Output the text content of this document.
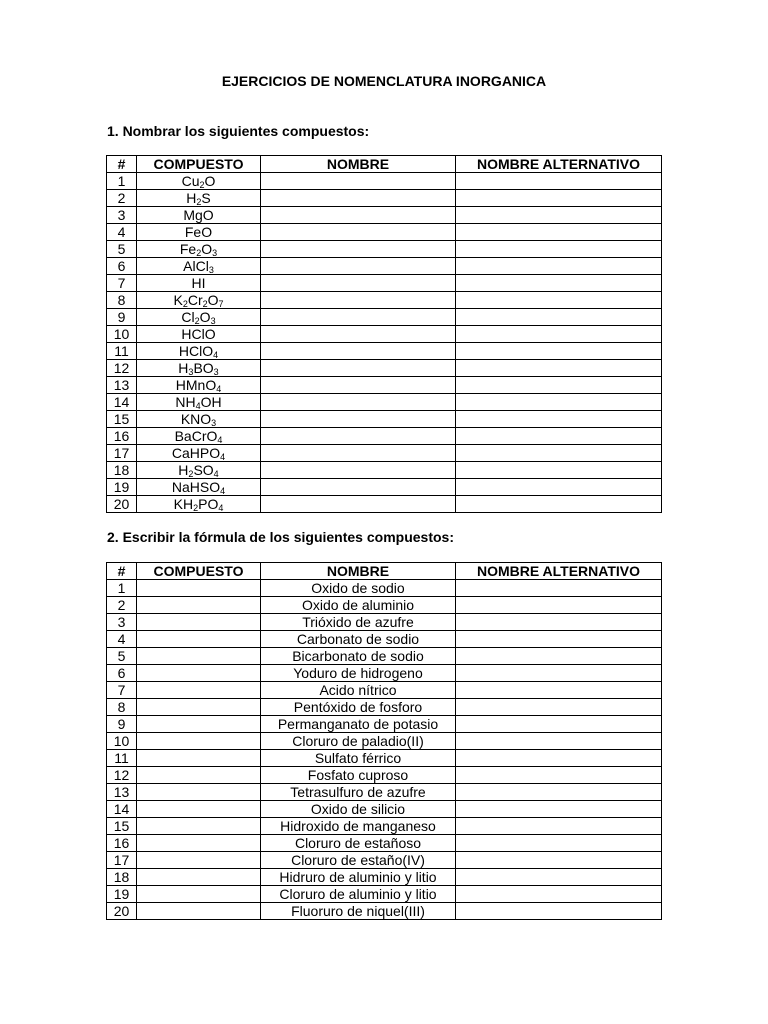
EJERCICIOS DE NOMENCLATURA INORGANICA
1. Nombrar los siguientes compuestos:
#	COMPUESTO	NOMBRE	NOMBRE ALTERNATIVO
1	$Cu_2O$		
2	$H_2S$		
3	MgO		
4	FeO		
5	$Fe_2O_3$		
6	AlCl$_3$		
7	HI		
8	$K_2Cr_2O_7$		
9	$Cl_2O_3$		
10	HClO		
11	HClO$_4$		
12	$H_3BO_3$		
13	HMnO$_4$		
14	$NH_4OH$		
15	$KNO_3$		
16	BaCrO$_4$		
17	CaHPO$_4$		
18	$H_2SO_4$		
19	NaHSO$_4$		
20	$KH_2PO_4$		
2. Escribir la fórmula de los siguientes compuestos:
#	COMPUESTO	NOMBRE	NOMBRE ALTERNATIVO
1		Oxido de sodio	
2		Oxido de aluminio	
3		Trióxido de azufre	
4		Carbonato de sodio	
5		Bicarbonato de sodio	
6		Yoduro de hidrogeno	
7		Acido nítrico	
8		Pentóxido de fosforo	
9		Permanganato de potasio	
10		Cloruro de paladio(II)	
11		Sulfato férrico	
12		Fosfato cuproso	
13		Tetrasulfuro de azufre	
14		Oxido de silicio	
15		Hidroxido de manganeso	
16		Cloruro de estañoso	
17		Cloruro de estaño(IV)	
18		Hidruro de aluminio y litio	
19		Cloruro de aluminio y litio	
20		Fluoruro de niquel(III)	
